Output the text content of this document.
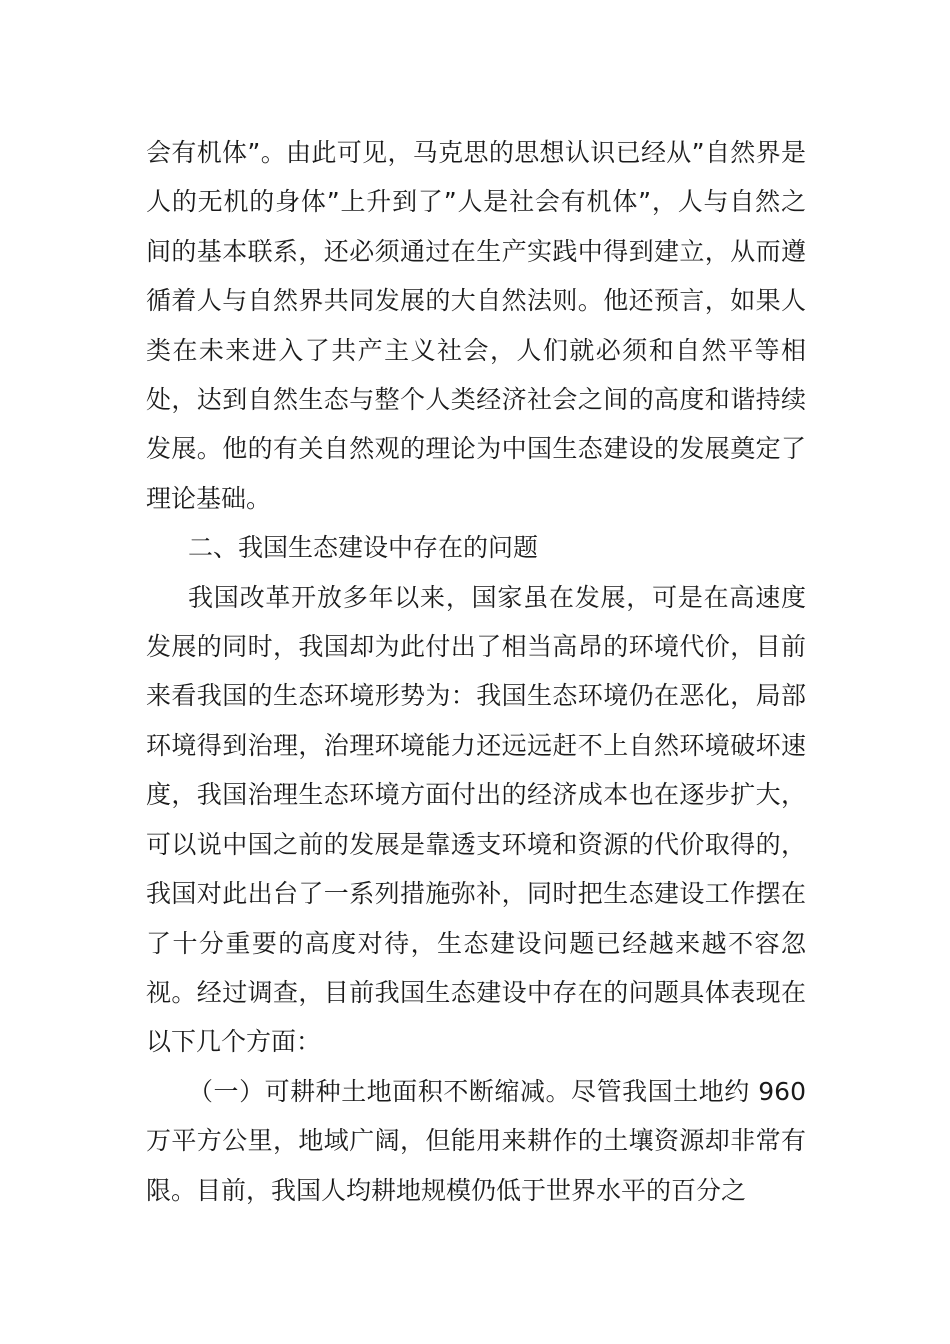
会有机体”。由此可见，马克思的思想认识已经从”自然界是人的无机的身体”上升到了”人是社会有机体”，人与自然之间的基本联系，还必须通过在生产实践中得到建立，从而遵循着人与自然界共同发展的大自然法则。他还预言，如果人类在未来进入了共产主义社会，人们就必须和自然平等相处，达到自然生态与整个人类经济社会之间的高度和谐持续发展。他的有关自然观的理论为中国生态建设的发展奠定了理论基础。

二、我国生态建设中存在的问题

我国改革开放多年以来，国家虽在发展，可是在高速度发展的同时，我国却为此付出了相当高昂的环境代价，目前来看我国的生态环境形势为：我国生态环境仍在恶化，局部环境得到治理，治理环境能力还远远赶不上自然环境破坏速度，我国治理生态环境方面付出的经济成本也在逐步扩大，可以说中国之前的发展是靠透支环境和资源的代价取得的，我国对此出台了一系列措施弥补，同时把生态建设工作摆在了十分重要的高度对待，生态建设问题已经越来越不容忽视。经过调查，目前我国生态建设中存在的问题具体表现在以下几个方面：

（一）可耕种土地面积不断缩减。尽管我国土地约 960 万平方公里，地域广阔，但能用来耕作的土壤资源却非常有限。目前，我国人均耕地规模仍低于世界水平的百分之
